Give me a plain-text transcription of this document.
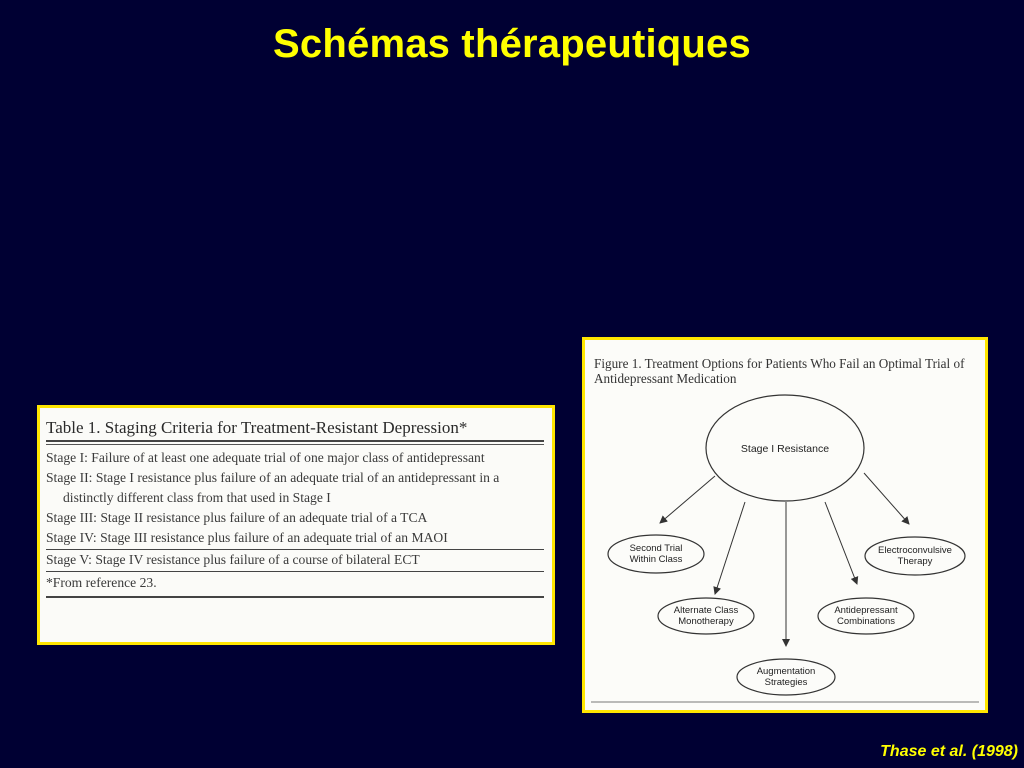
Schémas thérapeutiques
Table 1. Staging Criteria for Treatment-Resistant Depression*
Stage I: Failure of at least one adequate trial of one major class of antidepressant
Stage II: Stage I resistance plus failure of an adequate trial of an antidepressant in a distinctly different class from that used in Stage I
Stage III: Stage II resistance plus failure of an adequate trial of a TCA
Stage IV: Stage III resistance plus failure of an adequate trial of an MAOI
Stage V: Stage IV resistance plus failure of a course of bilateral ECT
*From reference 23.
Stage I Resistance
Second Trial
Within Class
Electroconvulsive
Therapy
Alternate Class
Monotherapy
Antidepressant
Combinations
Augmentation
Strategies
Figure 1. Treatment Options for Patients Who Fail an Optimal Trial of Antidepressant Medication
Thase et al. (1998)
